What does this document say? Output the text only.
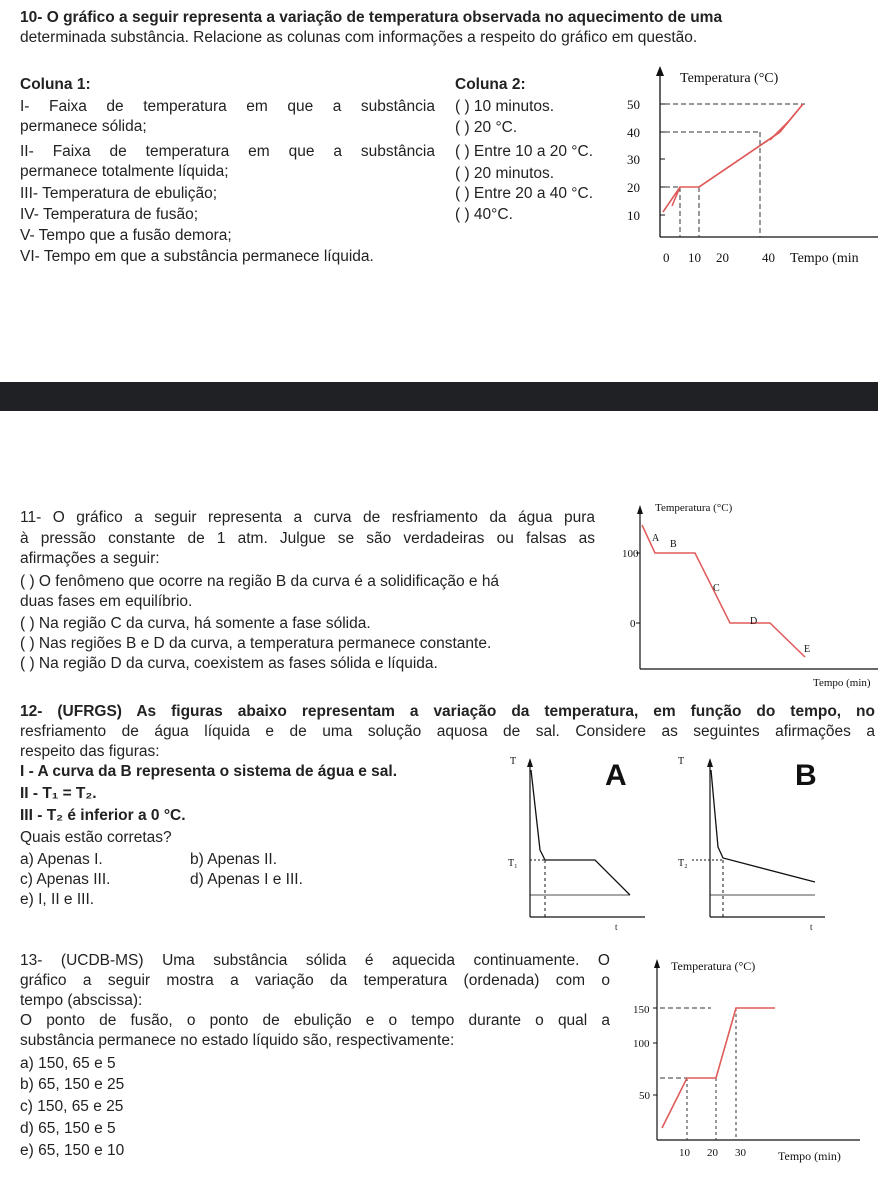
10- O gráfico a seguir representa a variação de temperatura observada no aquecimento de uma
determinada substância. Relacione as colunas com informações a respeito do gráfico em questão.
Coluna 1:	Coluna 2:
I- Faixa de temperatura em que a substância
permanece sólida;
II- Faixa de temperatura em que a substância
permanece totalmente líquida;
III- Temperatura de ebulição;
IV- Temperatura de fusão;
V- Tempo que a fusão demora;
VI- Tempo em que a substância permanece líquida.
( ) 10 minutos.
( ) 20 °C.
( ) Entre 10 a 20 °C.
( ) 20 minutos.
( ) Entre 20 a 40 °C.
( ) 40°C.
Temperatura (°C)
50
40
30
20
10
0 10 20	40 Tempo (min
11- O gráfico a seguir representa a curva de resfriamento da água pura
à pressão constante de 1 atm. Julgue se são verdadeiras ou falsas as
afirmações a seguir:
( ) O fenômeno que ocorre na região B da curva é a solidificação e há
duas fases em equilíbrio.
( ) Na região C da curva, há somente a fase sólida.
( ) Nas regiões B e D da curva, a temperatura permanece constante.
( ) Na região D da curva, coexistem as fases sólida e líquida.
Temperatura (°C)
100
0
A
B
C
D
E
Tempo (min)
12- (UFRGS) As figuras abaixo representam a variação da temperatura, em função do tempo, no
resfriamento de água líquida e de uma solução aquosa de sal. Considere as seguintes afirmações a
respeito das figuras:
I - A curva da B representa o sistema de água e sal.
II - T₁ = T₂.
III - T₂ é inferior a 0 °C.
Quais estão corretas?
a) Apenas I.	b) Apenas II.
c) Apenas III.	d) Apenas I e III.
e) I, II e III.
T	A
T₁
t
T	B
T₂
t
13- (UCDB-MS) Uma substância sólida é aquecida continuamente. O
gráfico a seguir mostra a variação da temperatura (ordenada) com o
tempo (abscissa):
O ponto de fusão, o ponto de ebulição e o tempo durante o qual a
substância permanece no estado líquido são, respectivamente:
a) 150, 65 e 5
b) 65, 150 e 25
c) 150, 65 e 25
d) 65, 150 e 5
e) 65, 150 e 10
Temperatura (°C)
150
100
50
10 20 30	Tempo (min)
